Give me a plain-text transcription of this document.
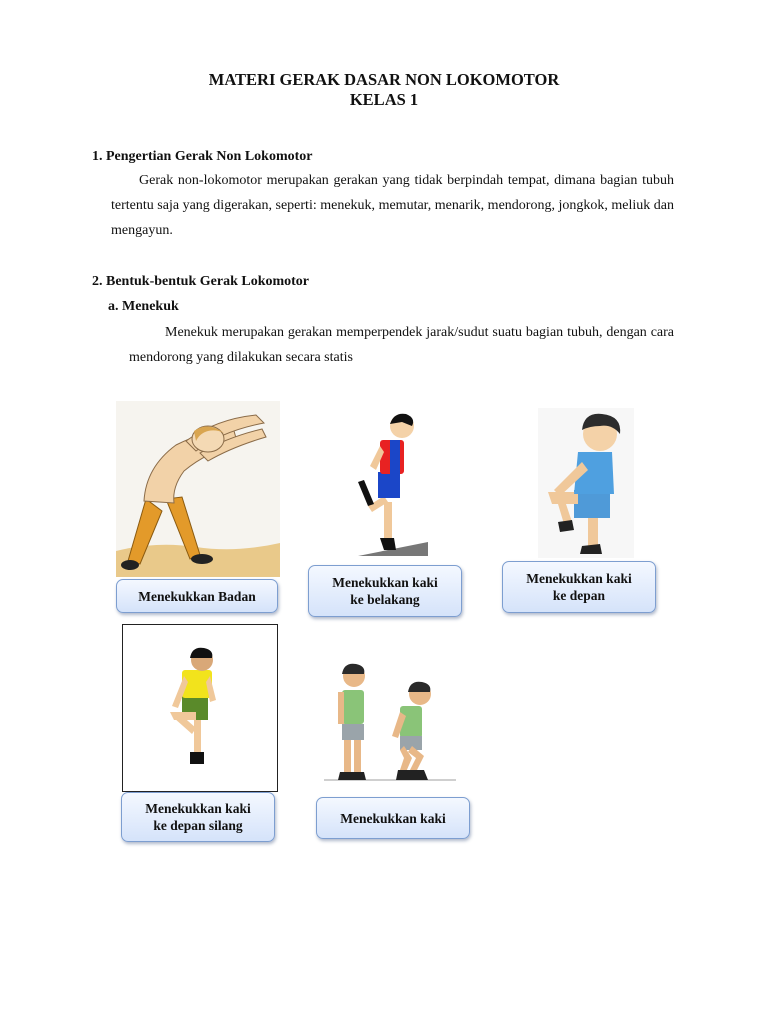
MATERI GERAK DASAR NON LOKOMOTOR
KELAS 1
1. Pengertian Gerak Non Lokomotor
Gerak non-lokomotor merupakan gerakan yang tidak berpindah tempat, dimana bagian tubuh tertentu saja yang digerakan, seperti: menekuk, memutar, menarik, mendorong, jongkok, meliuk dan mengayun.
2. Bentuk-bentuk Gerak Lokomotor
a. Menekuk
Menekuk merupakan gerakan memperpendek jarak/sudut suatu bagian tubuh, dengan cara mendorong yang dilakukan secara statis
Menekukkan Badan
Menekukkan kaki
ke belakang
Menekukkan kaki
ke depan
Menekukkan kaki
ke depan silang	Menekukkan kaki
